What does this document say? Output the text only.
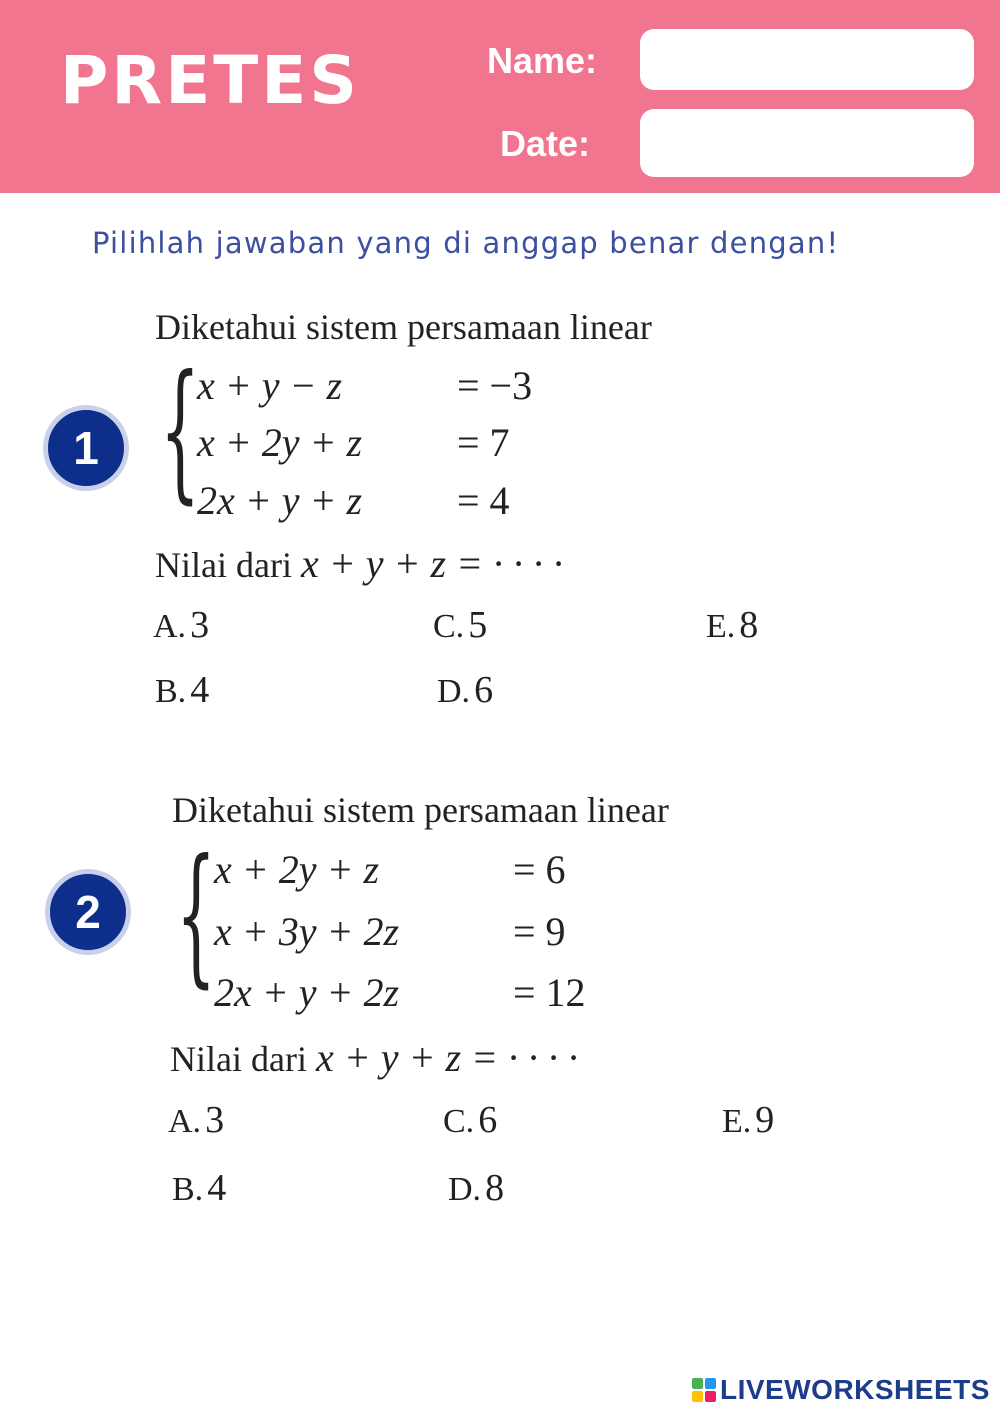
PRETES	Name:
Date:
Pilihlah jawaban yang di anggap benar dengan!
1
Diketahui sistem persamaan linear
{
x + y − z	= −3
x + 2y + z = 7
2x + y + z = 4
Nilai dari x + y + z = · · · ·
A. 3
B. 4
C. 5
D. 6
E. 8
2
Diketahui sistem persamaan linear
{
x + 2y + z	= 6
x + 3y + 2z	= 9
2x + y + 2z	= 12
Nilai dari x + y + z = · · · ·
A. 3
B. 4
C. 6
D. 8
E. 9
LIVEWORKSHEETS
